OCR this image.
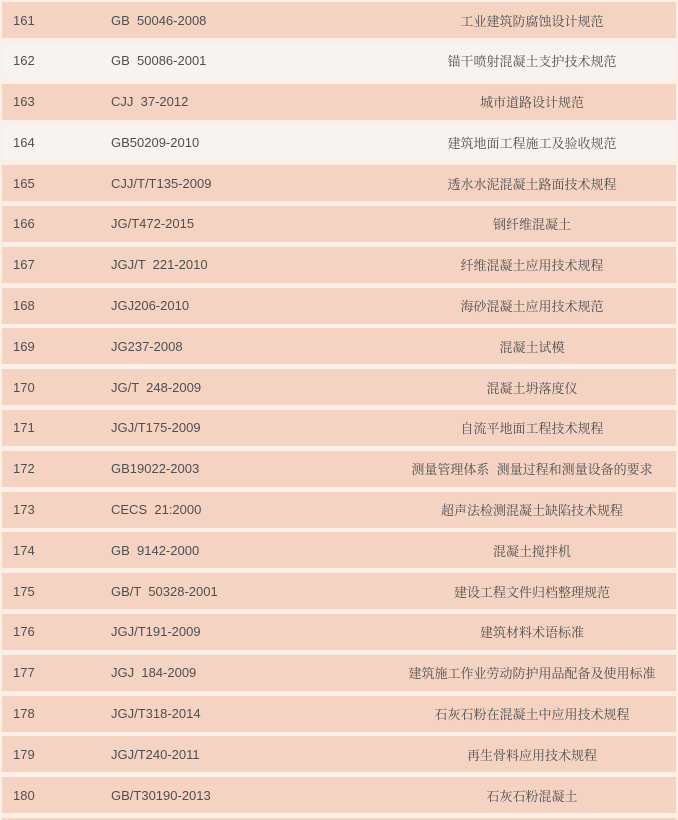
161	GB  50046-2008	工业建筑防腐蚀设计规范
162	GB  50086-2001	锚干喷射混凝土支护技术规范
163	CJJ  37-2012	城市道路设计规范
164	GB50209-2010	建筑地面工程施工及验收规范
165	CJJ/T/T135-2009	透水水泥混凝土路面技术规程
166	JG/T472-2015	钢纤维混凝土
167	JGJ/T  221-2010	纤维混凝土应用技术规程
168	JGJ206-2010	海砂混凝土应用技术规范
169	JG237-2008	混凝土试模
170	JG/T  248-2009	混凝土坍落度仪
171	JGJ/T175-2009	自流平地面工程技术规程
172	GB19022-2003	测量管理体系  测量过程和测量设备的要求
173	CECS  21:2000	超声法检测混凝土缺陷技术规程
174	GB  9142-2000	混凝土搅拌机
175	GB/T  50328-2001	建设工程文件归档整理规范
176	JGJ/T191-2009	建筑材料术语标准
177	JGJ  184-2009	建筑施工作业劳动防护用品配备及使用标准
178	JGJ/T318-2014	石灰石粉在混凝土中应用技术规程
179	JGJ/T240-2011	再生骨料应用技术规程
180	GB/T30190-2013	石灰石粉混凝土
